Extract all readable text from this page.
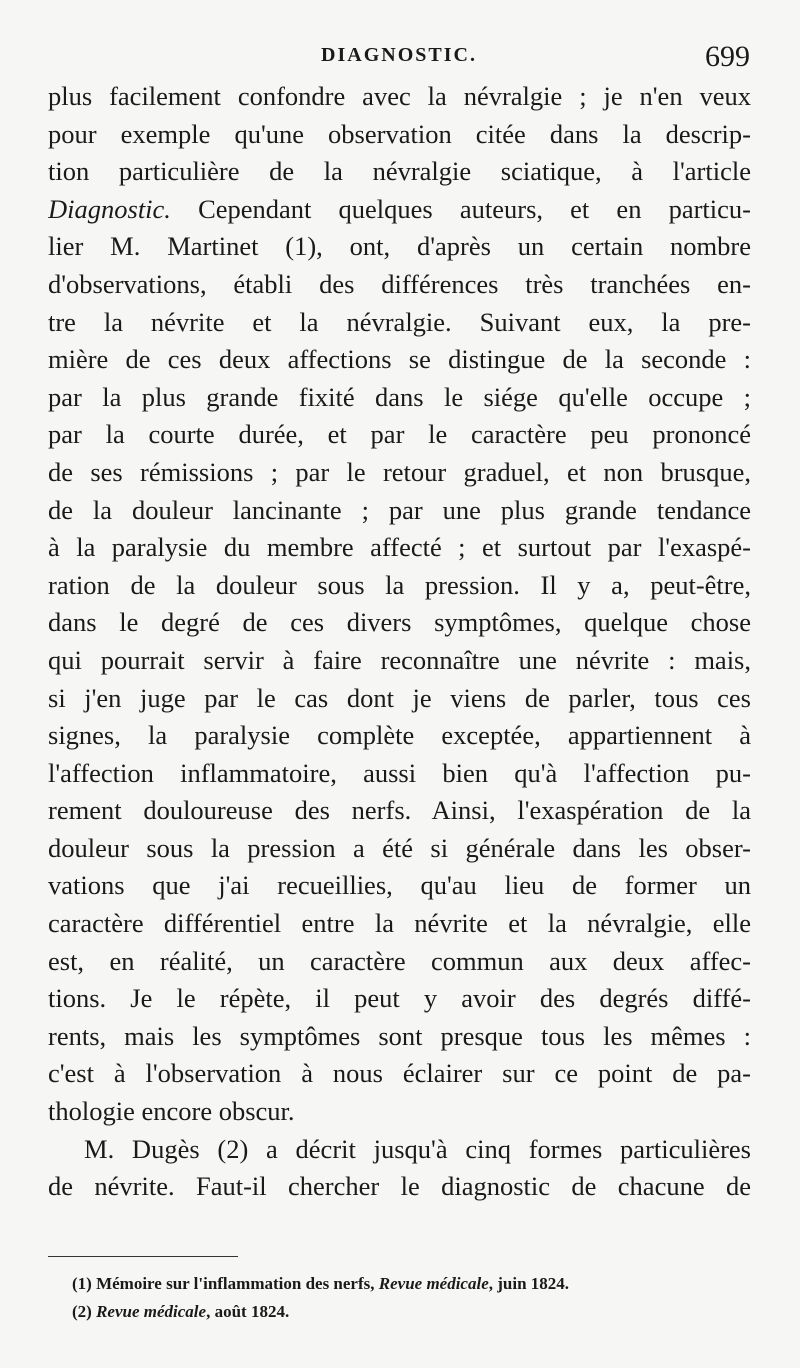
DIAGNOSTIC.	699
plus facilement confondre avec la névralgie ; je n'en veux
pour exemple qu'une observation citée dans la descrip-
tion particulière de la névralgie sciatique, à l'article
Diagnostic. Cependant quelques auteurs, et en particu-
lier M. Martinet (1), ont, d'après un certain nombre
d'observations, établi des différences très tranchées en-
tre la névrite et la névralgie. Suivant eux, la pre-
mière de ces deux affections se distingue de la seconde :
par la plus grande fixité dans le siége qu'elle occupe ;
par la courte durée, et par le caractère peu prononcé
de ses rémissions ; par le retour graduel, et non brusque,
de la douleur lancinante ; par une plus grande tendance
à la paralysie du membre affecté ; et surtout par l'exaspé-
ration de la douleur sous la pression. Il y a, peut-être,
dans le degré de ces divers symptômes, quelque chose
qui pourrait servir à faire reconnaître une névrite : mais,
si j'en juge par le cas dont je viens de parler, tous ces
signes, la paralysie complète exceptée, appartiennent à
l'affection inflammatoire, aussi bien qu'à l'affection pu-
rement douloureuse des nerfs. Ainsi, l'exaspération de la
douleur sous la pression a été si générale dans les obser-
vations que j'ai recueillies, qu'au lieu de former un
caractère différentiel entre la névrite et la névralgie, elle
est, en réalité, un caractère commun aux deux affec-
tions. Je le répète, il peut y avoir des degrés diffé-
rents, mais les symptômes sont presque tous les mêmes :
c'est à l'observation à nous éclairer sur ce point de pa-
thologie encore obscur.
M. Dugès (2) a décrit jusqu'à cinq formes particulières
de névrite. Faut-il chercher le diagnostic de chacune de
(1) Mémoire sur l'inflammation des nerfs, Revue médicale, juin 1824.
(2) Revue médicale, août 1824.
